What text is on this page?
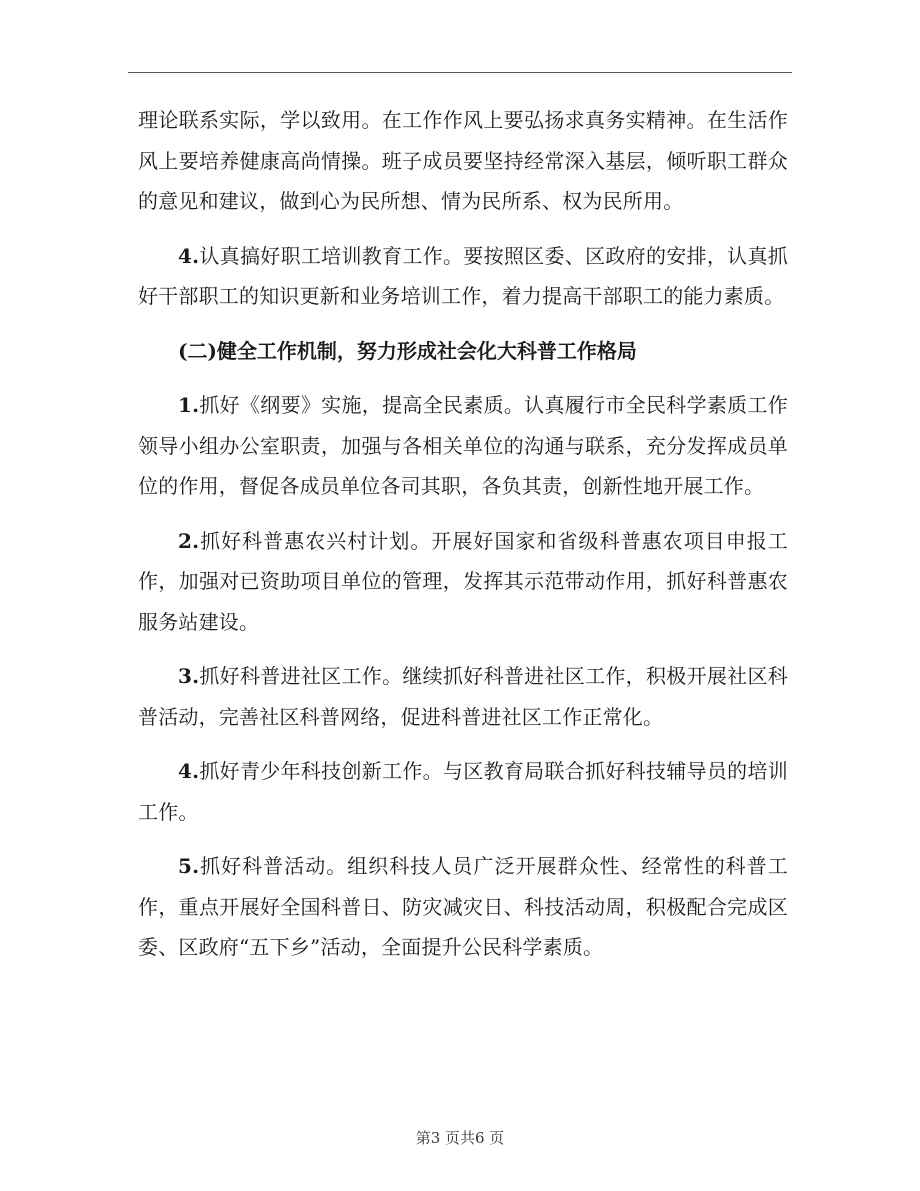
理论联系实际，学以致用。在工作作风上要弘扬求真务实精神。在生活作风上要培养健康高尚情操。班子成员要坚持经常深入基层，倾听职工群众的意见和建议，做到心为民所想、情为民所系、权为民所用。

4.认真搞好职工培训教育工作。要按照区委、区政府的安排，认真抓好干部职工的知识更新和业务培训工作，着力提高干部职工的能力素质。

(二)健全工作机制，努力形成社会化大科普工作格局

1.抓好《纲要》实施，提高全民素质。认真履行市全民科学素质工作领导小组办公室职责，加强与各相关单位的沟通与联系，充分发挥成员单位的作用，督促各成员单位各司其职，各负其责，创新性地开展工作。

2.抓好科普惠农兴村计划。开展好国家和省级科普惠农项目申报工作，加强对已资助项目单位的管理，发挥其示范带动作用，抓好科普惠农服务站建设。

3.抓好科普进社区工作。继续抓好科普进社区工作，积极开展社区科普活动，完善社区科普网络，促进科普进社区工作正常化。

4.抓好青少年科技创新工作。与区教育局联合抓好科技辅导员的培训工作。

5.抓好科普活动。组织科技人员广泛开展群众性、经常性的科普工作，重点开展好全国科普日、防灾减灾日、科技活动周，积极配合完成区委、区政府“五下乡”活动，全面提升公民科学素质。

第3 页共6 页
